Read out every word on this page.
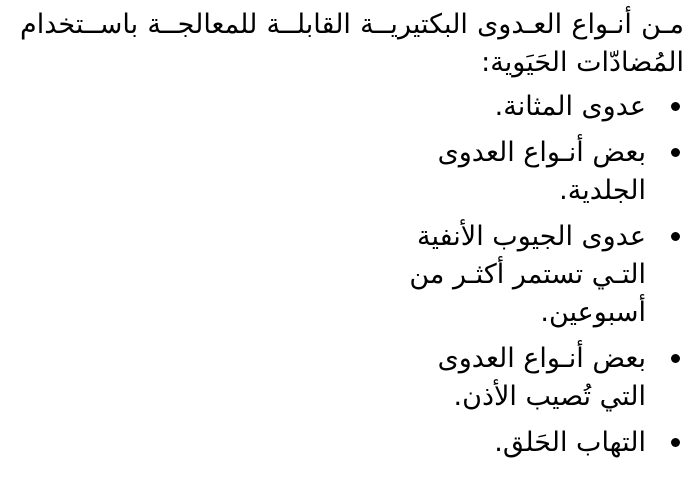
مـن أنـواع العـدوى البكتيريــة القابلــة للمعالجــة باســتخدام المُضادّات الحَيَوية:

عدوى المثانة.
بعض أنـواع العدوى الجلدية.
عدوى الجيوب الأنفية التـي تستمر أكثـر من أسبوعين.
بعض أنـواع العدوى التي تُصيب الأذن.
التهاب الحَلق.
